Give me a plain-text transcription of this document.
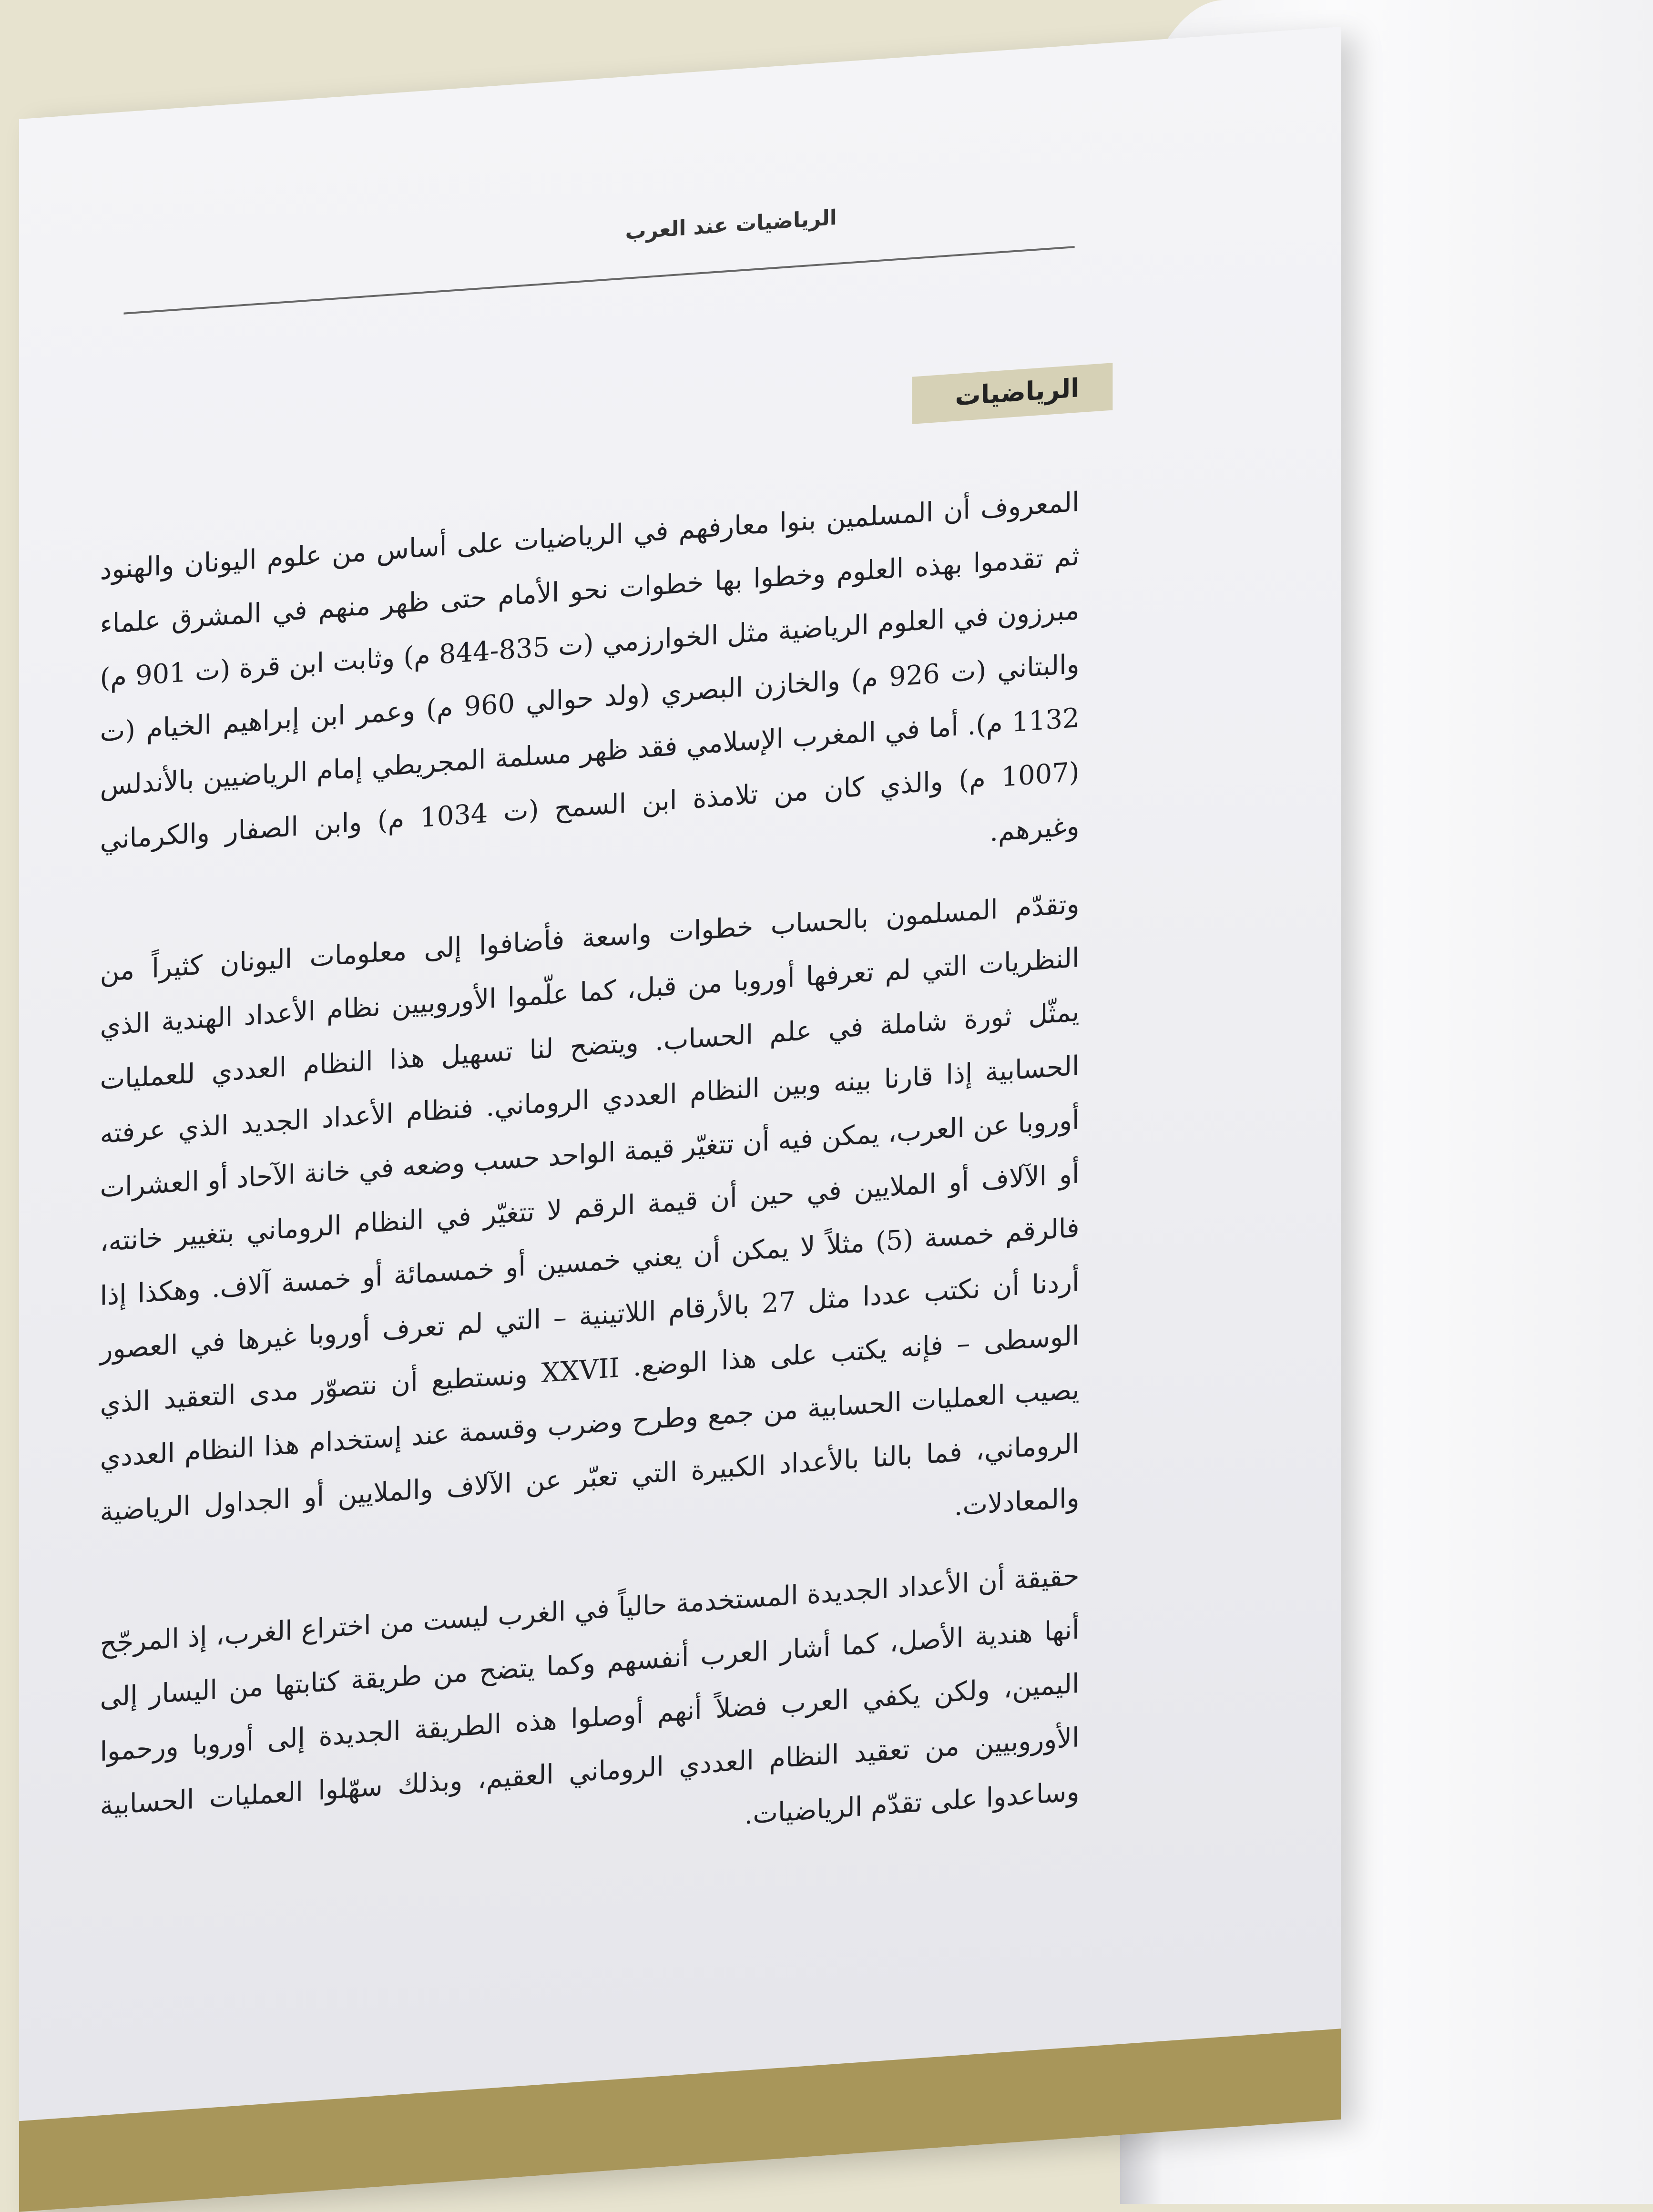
الرياضيات عند العرب
الرياضيات

المعروف أن المسلمين بنوا معارفهم في الرياضيات على أساس من علوم اليونان والهنود ثم تقدموا بهذه العلوم وخطوا بها خطوات نحو الأمام حتى ظهر منهم في المشرق علماء مبرزون في العلوم الرياضية مثل الخوارزمي (ت 835-844 م) وثابت ابن قرة (ت 901 م) والبتاني (ت 926 م) والخازن البصري (ولد حوالي 960 م) وعمر ابن إبراهيم الخيام (ت 1132 م). أما في المغرب الإسلامي فقد ظهر مسلمة المجريطي إمام الرياضيين بالأندلس (1007 م) والذي كان من تلامذة ابن السمح (ت 1034 م) وابن الصفار والكرماني وغيرهم.

وتقدّم المسلمون بالحساب خطوات واسعة فأضافوا إلى معلومات اليونان كثيراً من النظريات التي لم تعرفها أوروبا من قبل، كما علّموا الأوروبيين نظام الأعداد الهندية الذي يمثّل ثورة شاملة في علم الحساب. ويتضح لنا تسهيل هذا النظام العددي للعمليات الحسابية إذا قارنا بينه وبين النظام العددي الروماني. فنظام الأعداد الجديد الذي عرفته أوروبا عن العرب، يمكن فيه أن تتغيّر قيمة الواحد حسب وضعه في خانة الآحاد أو العشرات أو الآلاف أو الملايين في حين أن قيمة الرقم لا تتغيّر في النظام الروماني بتغيير خانته، فالرقم خمسة (5) مثلاً لا يمكن أن يعني خمسين أو خمسمائة أو خمسة آلاف. وهكذا إذا أردنا أن نكتب عددا مثل 27 بالأرقام اللاتينية – التي لم تعرف أوروبا غيرها في العصور الوسطى – فإنه يكتب على هذا الوضع. XXVII ونستطيع أن نتصوّر مدى التعقيد الذي يصيب العمليات الحسابية من جمع وطرح وضرب وقسمة عند إستخدام هذا النظام العددي الروماني، فما بالنا بالأعداد الكبيرة التي تعبّر عن الآلاف والملايين أو الجداول الرياضية والمعادلات.

حقيقة أن الأعداد الجديدة المستخدمة حالياً في الغرب ليست من اختراع الغرب، إذ المرجّح أنها هندية الأصل، كما أشار العرب أنفسهم وكما يتضح من طريقة كتابتها من اليسار إلى اليمين، ولكن يكفي العرب فضلاً أنهم أوصلوا هذه الطريقة الجديدة إلى أوروبا ورحموا الأوروبيين من تعقيد النظام العددي الروماني العقيم، وبذلك سهّلوا العمليات الحسابية وساعدوا على تقدّم الرياضيات.
